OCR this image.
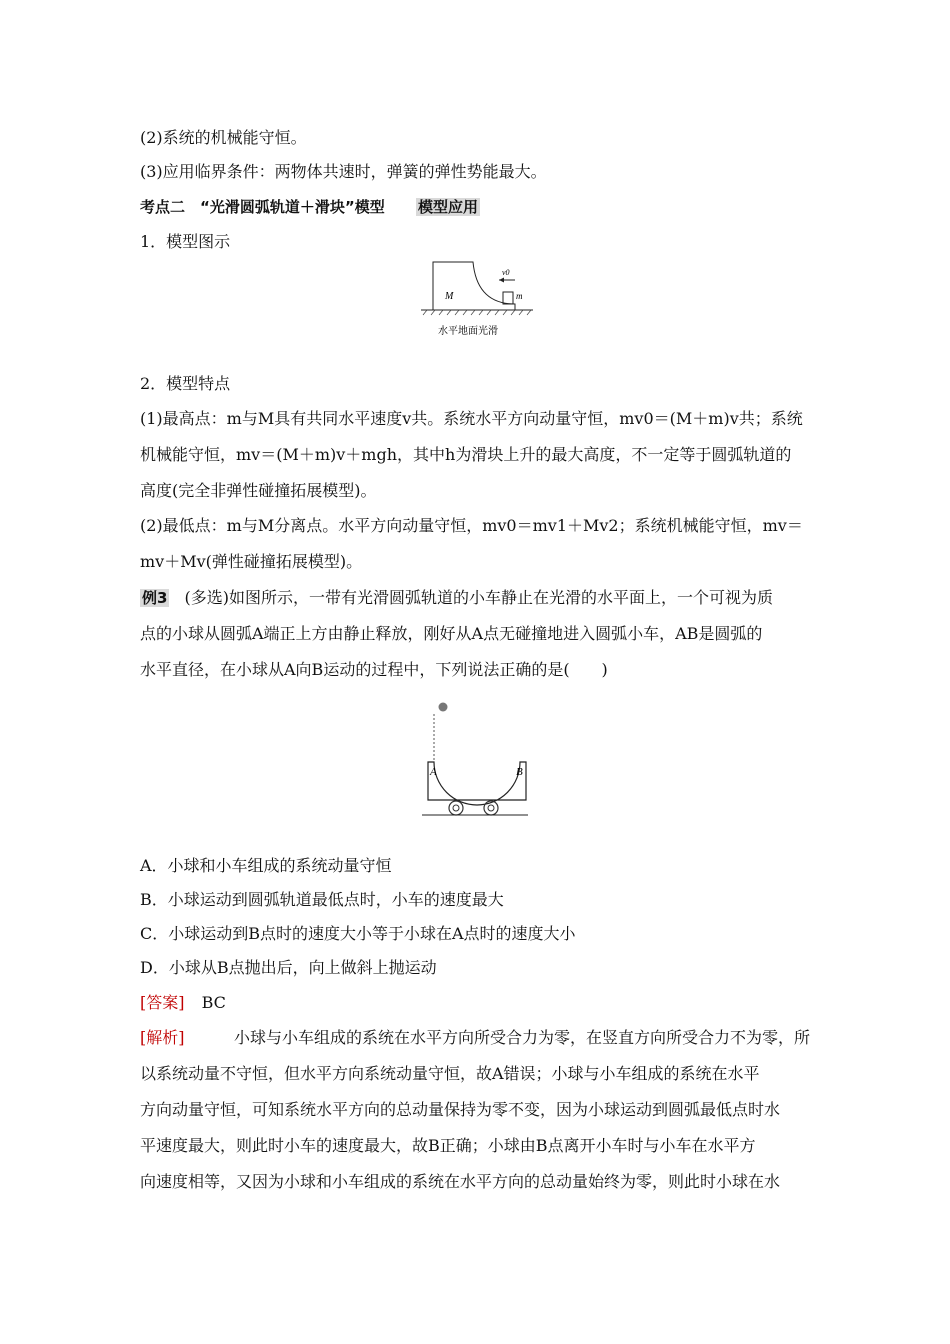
(2)系统的机械能守恒。
(3)应用临界条件：两物体共速时，弹簧的弹性势能最大。
考点二　“光滑圆弧轨道＋滑块”模型 模型应用
1．模型图示
M	m
v0
水平地面光滑
2．模型特点
(1)最高点：m与M具有共同水平速度v共。系统水平方向动量守恒，mv0＝(M＋m)v共；系统
机械能守恒，mv＝(M＋m)v＋mgh，其中h为滑块上升的最大高度，不一定等于圆弧轨道的
高度(完全非弹性碰撞拓展模型)。
(2)最低点：m与M分离点。水平方向动量守恒，mv0＝mv1＋Mv2；系统机械能守恒，mv＝
mv＋Mv(弹性碰撞拓展模型)。
例3 (多选)如图所示，一带有光滑圆弧轨道的小车静止在光滑的水平面上，一个可视为质
点的小球从圆弧A端正上方由静止释放，刚好从A点无碰撞地进入圆弧小车，AB是圆弧的
水平直径，在小球从A向B运动的过程中，下列说法正确的是(　　)
A	B
A．小球和小车组成的系统动量守恒
B．小球运动到圆弧轨道最低点时，小车的速度最大
C．小球运动到B点时的速度大小等于小球在A点时的速度大小
D．小球从B点抛出后，向上做斜上抛运动
[答案] BC
[解析]	小球与小车组成的系统在水平方向所受合力为零，在竖直方向所受合力不为零，所
以系统动量不守恒，但水平方向系统动量守恒，故A错误；小球与小车组成的系统在水平
方向动量守恒，可知系统水平方向的总动量保持为零不变，因为小球运动到圆弧最低点时水
平速度最大，则此时小车的速度最大，故B正确；小球由B点离开小车时与小车在水平方
向速度相等，又因为小球和小车组成的系统在水平方向的总动量始终为零，则此时小球在水
